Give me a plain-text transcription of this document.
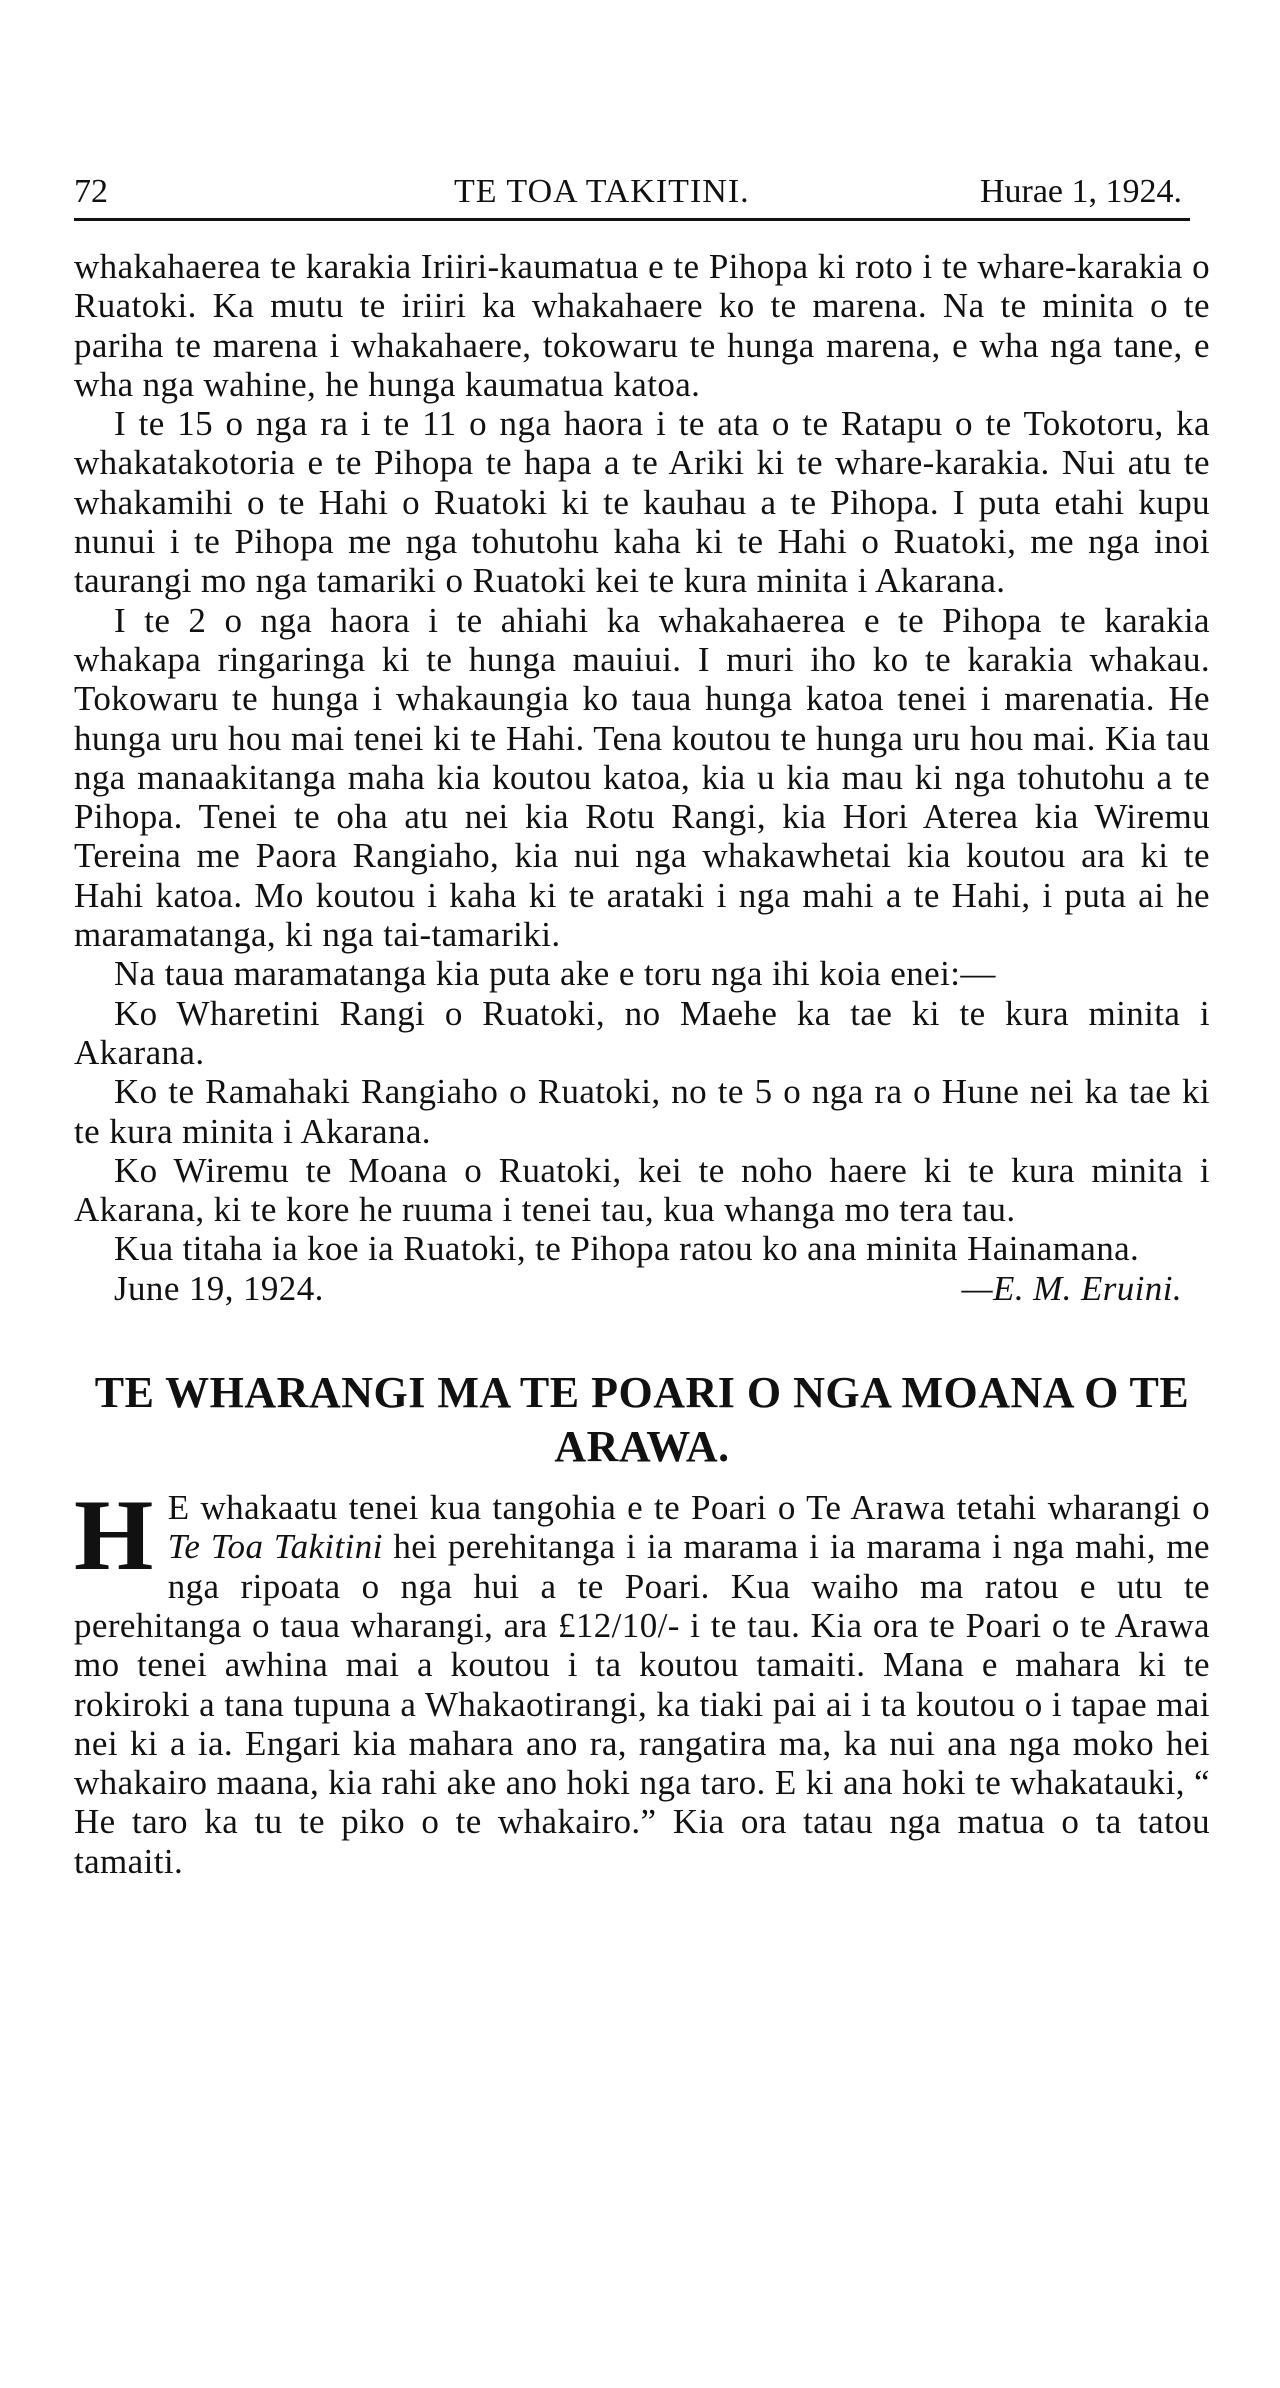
72	TE TOA TAKITINI.	Hurae 1, 1924.

whakahaerea te karakia Iriiri-kaumatua e te Pihopa ki roto i te whare-karakia o Ruatoki. Ka mutu te iriiri ka whakahaere ko te marena. Na te minita o te pariha te marena i whakahaere, tokowaru te hunga marena, e wha nga tane, e wha nga wahine, he hunga kaumatua katoa.

I te 15 o nga ra i te 11 o nga haora i te ata o te Ratapu o te Tokotoru, ka whakatakotoria e te Pihopa te hapa a te Ariki ki te whare-karakia. Nui atu te whakamihi o te Hahi o Ruatoki ki te kauhau a te Pihopa. I puta etahi kupu nunui i te Pihopa me nga tohutohu kaha ki te Hahi o Ruatoki, me nga inoi taurangi mo nga tamariki o Ruatoki kei te kura minita i Akarana.

I te 2 o nga haora i te ahiahi ka whakahaerea e te Pihopa te karakia whakapa ringaringa ki te hunga mauiui. I muri iho ko te karakia whakau. Tokowaru te hunga i whakaungia ko taua hunga katoa tenei i marenatia. He hunga uru hou mai tenei ki te Hahi. Tena koutou te hunga uru hou mai. Kia tau nga manaakitanga maha kia koutou katoa, kia u kia mau ki nga tohutohu a te Pihopa. Tenei te oha atu nei kia Rotu Rangi, kia Hori Aterea kia Wiremu Tereina me Paora Rangiaho, kia nui nga whakawhetai kia koutou ara ki te Hahi katoa. Mo koutou i kaha ki te arataki i nga mahi a te Hahi, i puta ai he maramatanga, ki nga tai-tamariki.

Na taua maramatanga kia puta ake e toru nga ihi koia enei:—

Ko Wharetini Rangi o Ruatoki, no Maehe ka tae ki te kura minita i Akarana.

Ko te Ramahaki Rangiaho o Ruatoki, no te 5 o nga ra o Hune nei ka tae ki te kura minita i Akarana.

Ko Wiremu te Moana o Ruatoki, kei te noho haere ki te kura minita i Akarana, ki te kore he ruuma i tenei tau, kua whanga mo tera tau.

Kua titaha ia koe ia Ruatoki, te Pihopa ratou ko ana minita Hainamana.

June 19, 1924.	—E. M. Eruini.
TE WHARANGI MA TE POARI O NGA MOANA O TE ARAWA.

H E whakaatu tenei kua tangohia e te Poari o Te Arawa tetahi wharangi o Te Toa Takitini hei perehitanga i ia marama i ia marama i nga mahi, me nga ripoata o nga hui a te Poari. Kua waiho ma ratou e utu te perehitanga o taua wharangi, ara £12/10/- i te tau. Kia ora te Poari o te Arawa mo tenei awhina mai a koutou i ta koutou tamaiti. Mana e mahara ki te rokiroki a tana tupuna a Whakaotirangi, ka tiaki pai ai i ta koutou o i tapae mai nei ki a ia. Engari kia mahara ano ra, rangatira ma, ka nui ana nga moko hei whakairo maana, kia rahi ake ano hoki nga taro. E ki ana hoki te whakatauki, “ He taro ka tu te piko o te whakairo.” Kia ora tatau nga matua o ta tatou tamaiti.
